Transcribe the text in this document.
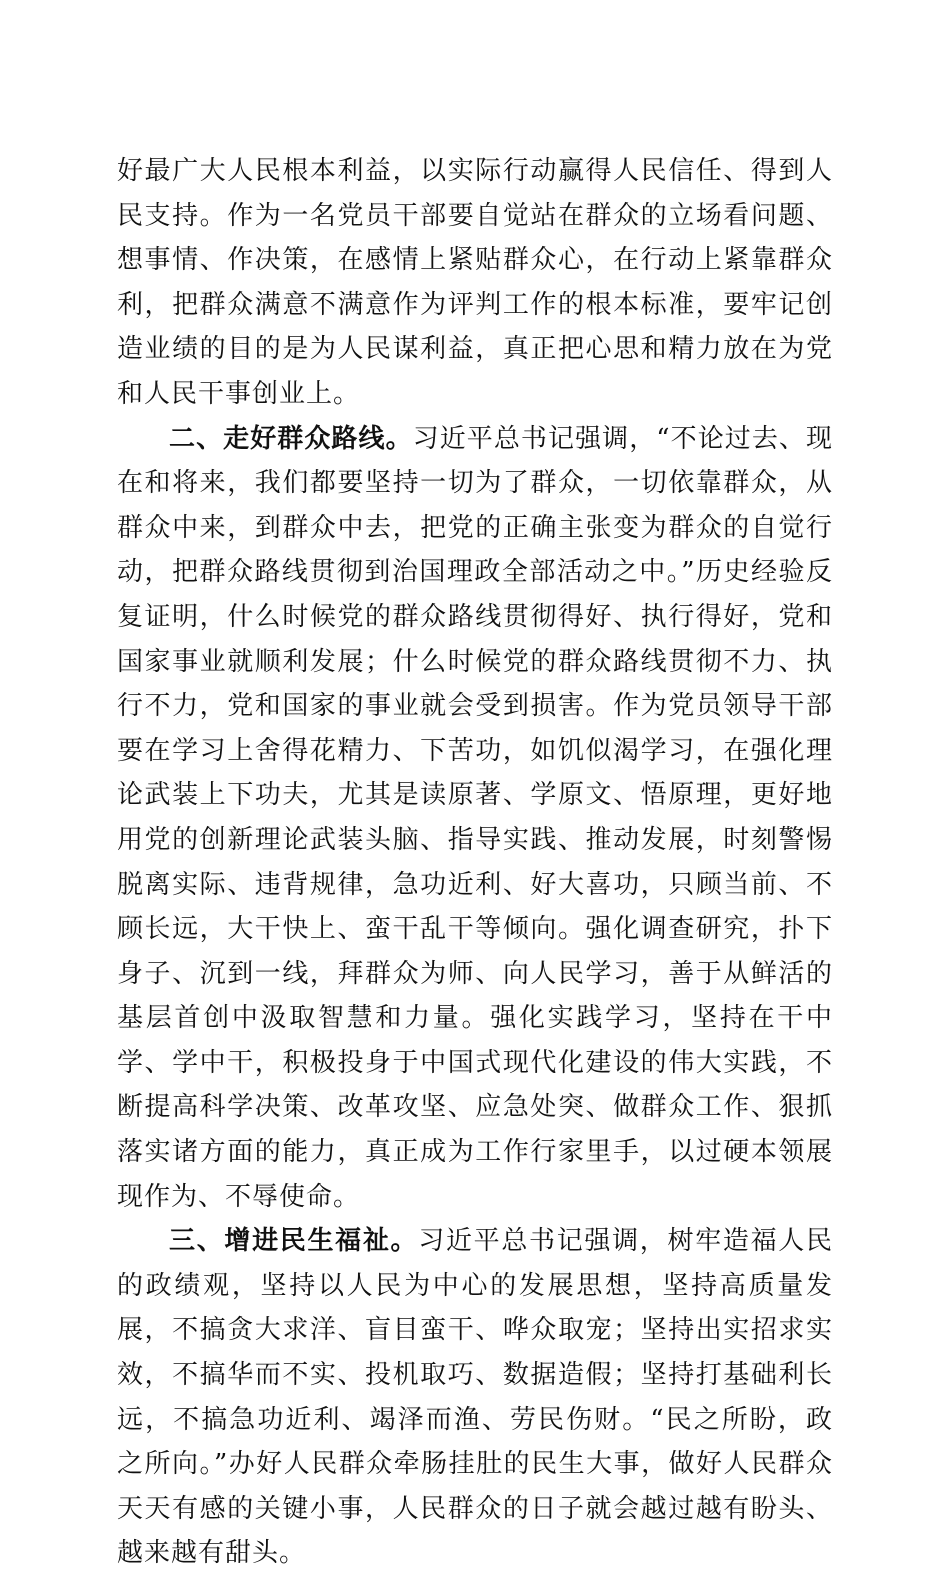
好最广大人民根本利益，以实际行动赢得人民信任、得到人民支持。作为一名党员干部要自觉站在群众的立场看问题、想事情、作决策，在感情上紧贴群众心，在行动上紧靠群众利，把群众满意不满意作为评判工作的根本标准，要牢记创造业绩的目的是为人民谋利益，真正把心思和精力放在为党和人民干事创业上。

二、走好群众路线。习近平总书记强调，“不论过去、现在和将来，我们都要坚持一切为了群众，一切依靠群众，从群众中来，到群众中去，把党的正确主张变为群众的自觉行动，把群众路线贯彻到治国理政全部活动之中。”历史经验反复证明，什么时候党的群众路线贯彻得好、执行得好，党和国家事业就顺利发展；什么时候党的群众路线贯彻不力、执行不力，党和国家的事业就会受到损害。作为党员领导干部要在学习上舍得花精力、下苦功，如饥似渴学习，在强化理论武装上下功夫，尤其是读原著、学原文、悟原理，更好地用党的创新理论武装头脑、指导实践、推动发展，时刻警惕脱离实际、违背规律，急功近利、好大喜功，只顾当前、不顾长远，大干快上、蛮干乱干等倾向。强化调查研究，扑下身子、沉到一线，拜群众为师、向人民学习，善于从鲜活的基层首创中汲取智慧和力量。强化实践学习，坚持在干中学、学中干，积极投身于中国式现代化建设的伟大实践，不断提高科学决策、改革攻坚、应急处突、做群众工作、狠抓落实诸方面的能力，真正成为工作行家里手，以过硬本领展现作为、不辱使命。

三、增进民生福祉。习近平总书记强调，树牢造福人民的政绩观，坚持以人民为中心的发展思想，坚持高质量发展，不搞贪大求洋、盲目蛮干、哗众取宠；坚持出实招求实效，不搞华而不实、投机取巧、数据造假；坚持打基础利长远，不搞急功近利、竭泽而渔、劳民伤财。“民之所盼，政之所向。”办好人民群众牵肠挂肚的民生大事，做好人民群众天天有感的关键小事，人民群众的日子就会越过越有盼头、越来越有甜头。
